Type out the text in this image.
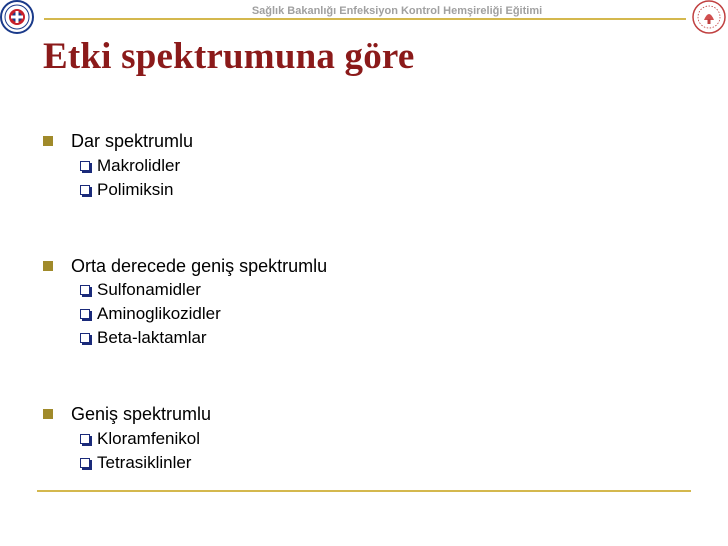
Sağlık Bakanlığı Enfeksiyon Kontrol Hemşireliği Eğitimi
Etki spektrumuna göre
Dar spektrumlu
Makrolidler
Polimiksin
Orta derecede geniş spektrumlu
Sulfonamidler
Aminoglikozidler
Beta-laktamlar
Geniş spektrumlu
Kloramfenikol
Tetrasiklinler
